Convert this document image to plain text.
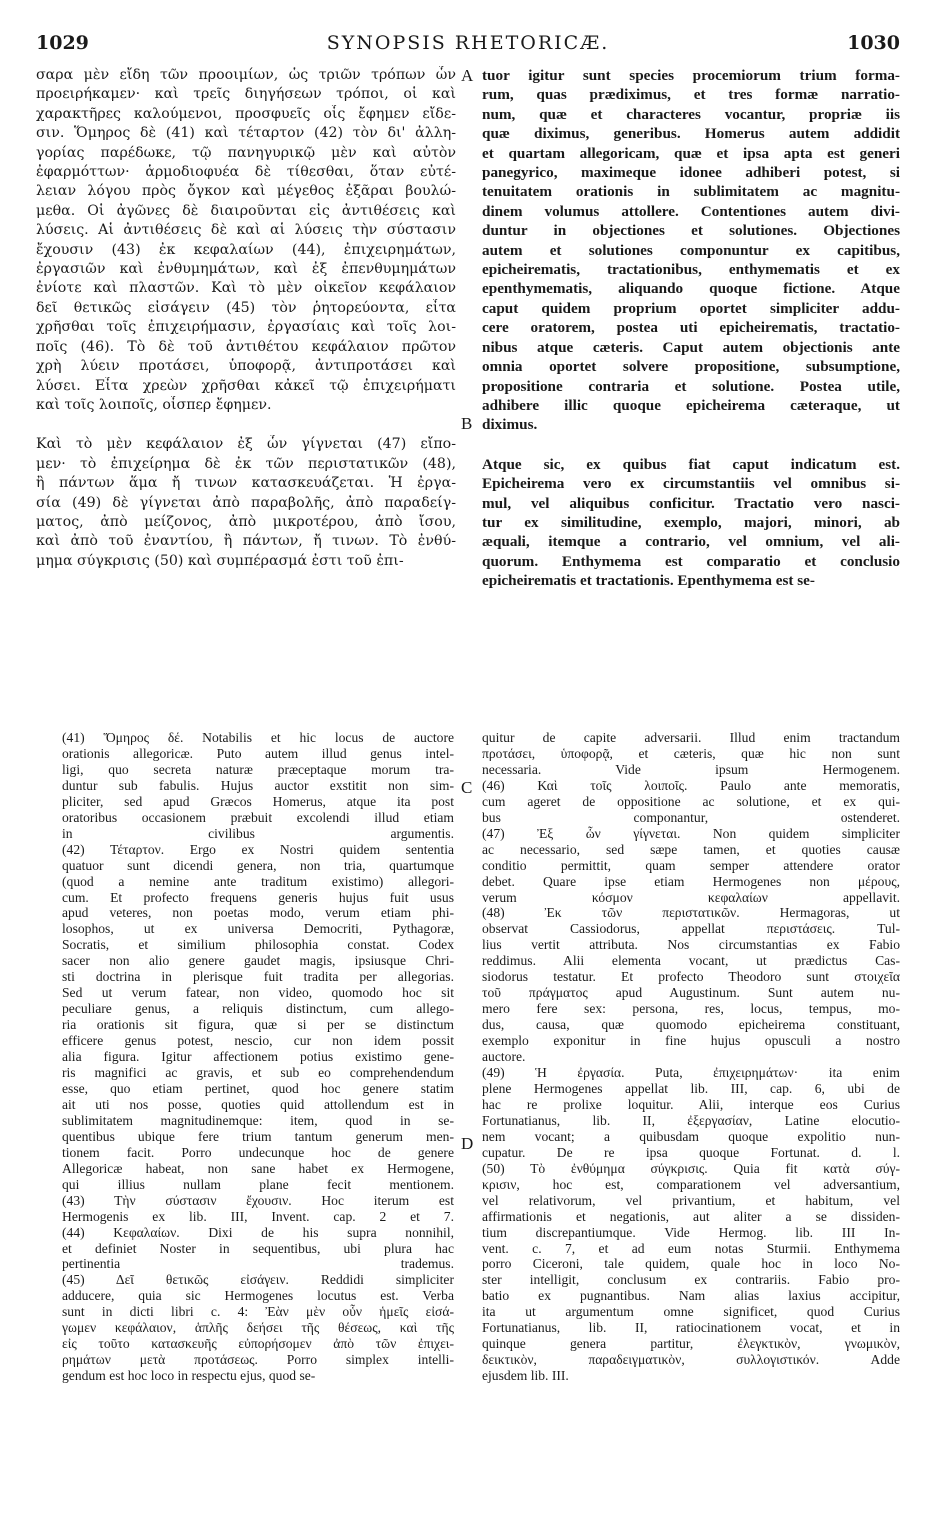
1029	SYNOPSIS RHETORICÆ.	1030
σαρα μὲν εἴδη τῶν προοιμίων, ὡς τριῶν τρόπων ὧν
προειρήκαμεν· καὶ τρεῖς διηγήσεων τρόποι, οἱ καὶ
χαρακτῆρες καλούμενοι, προσφυεῖς οἷς ἔφημεν εἴδε-
σιν. Ὅμηρος δὲ (41) καὶ τέταρτον (42) τὸν δι' ἀλλη-
γορίας παρέδωκε, τῷ πανηγυρικῷ μὲν καὶ αὐτὸν
ἐφαρμόττων· ἁρμοδιοφυέα δὲ τίθεσθαι, ὅταν εὐτέ-
λειαν λόγου πρὸς ὄγκον καὶ μέγεθος ἐξᾶραι βουλώ-
μεθα. Οἱ ἀγῶνες δὲ διαιροῦνται εἰς ἀντιθέσεις καὶ
λύσεις. Αἱ ἀντιθέσεις δὲ καὶ αἱ λύσεις τὴν σύστασιν
ἔχουσιν (43) ἐκ κεφαλαίων (44), ἐπιχειρημάτων,
ἐργασιῶν καὶ ἐνθυμημάτων, καὶ ἐξ ἐπενθυμημάτων
ἐνίοτε καὶ πλαστῶν. Καὶ τὸ μὲν οἰκεῖον κεφάλαιον
δεῖ θετικῶς εἰσάγειν (45) τὸν ῥητορεύοντα, εἶτα
χρῆσθαι τοῖς ἐπιχειρήμασιν, ἐργασίαις καὶ τοῖς λοι-
ποῖς (46). Τὸ δὲ τοῦ ἀντιθέτου κεφάλαιον πρῶτον
χρὴ λύειν προτάσει, ὑποφορᾷ, ἀντιπροτάσει καὶ
λύσει. Εἶτα χρεὼν χρῆσθαι κἀκεῖ τῷ ἐπιχειρήματι
καὶ τοῖς λοιποῖς, οἷσπερ ἔφημεν.
Καὶ τὸ μὲν κεφάλαιον ἐξ ὧν γίγνεται (47) εἴπο-
μεν· τὸ ἐπιχείρημα δὲ ἐκ τῶν περιστατικῶν (48),
ἢ πάντων ἅμα ἤ τινων κατασκευάζεται. Ἡ ἐργα-
σία (49) δὲ γίγνεται ἀπὸ παραβολῆς, ἀπὸ παραδείγ-
ματος, ἀπὸ μείζονος, ἀπὸ μικροτέρου, ἀπὸ ἴσου,
καὶ ἀπὸ τοῦ ἐναντίου, ἢ πάντων, ἤ τινων. Τὸ ἐνθύ-
μημα σύγκρισις (50) καὶ συμπέρασμά ἐστι τοῦ ἐπι-
tuor igitur sunt species procemiorum trium forma-
rum, quas prædiximus, et tres formæ narratio-
num, quæ et characteres vocantur, propriæ iis
quæ diximus, generibus. Homerus autem addidit
et quartam allegoricam, quæ et ipsa apta est generi
panegyrico, maximeque idonee adhiberi potest, si
tenuitatem orationis in sublimitatem ac magnitu-
dinem volumus attollere. Contentiones autem divi-
duntur in objectiones et solutiones. Objectiones
autem et solutiones componuntur ex capitibus,
epicheirematis, tractationibus, enthymematis et ex
epenthymematis, aliquando quoque fictione. Atque
caput quidem proprium oportet simpliciter addu-
cere oratorem, postea uti epicheirematis, tractatio-
nibus atque cæteris. Caput autem objectionis ante
omnia oportet solvere propositione, subsumptione,
propositione contraria et solutione. Postea utile,
adhibere illic quoque epicheirema cæteraque, ut
diximus.
Atque sic, ex quibus fiat caput indicatum est.
Epicheirema vero ex circumstantiis vel omnibus si-
mul, vel aliquibus conficitur. Tractatio vero nasci-
tur ex similitudine, exemplo, majori, minori, ab
æquali, itemque a contrario, vel omnium, vel ali-
quorum. Enthymema est comparatio et conclusio
epicheirematis et tractationis. Epenthymema est se-
A
B
C
D
(41) Ὅμηρος δέ. Notabilis et hic locus de auctore
orationis allegoricæ. Puto autem illud genus intel-
ligi, quo secreta naturæ præceptaque morum tra-
duntur sub fabulis. Hujus auctor exstitit non sim-
pliciter, sed apud Græcos Homerus, atque ita post
oratoribus occasionem præbuit excolendi illud etiam
in civilibus argumentis.
(42) Τέταρτον. Ergo ex Nostri quidem sententia
quatuor sunt dicendi genera, non tria, quartumque
(quod a nemine ante traditum existimo) allegori-
cum. Et profecto frequens generis hujus fuit usus
apud veteres, non poetas modo, verum etiam phi-
losophos, ut ex universa Democriti, Pythagoræ,
Socratis, et similium philosophia constat. Codex
sacer non alio genere gaudet magis, ipsiusque Chri-
sti doctrina in plerisque fuit tradita per allegorias.
Sed ut verum fatear, non video, quomodo hoc sit
peculiare genus, a reliquis distinctum, cum allego-
ria orationis sit figura, quæ si per se distinctum
efficere genus potest, nescio, cur non idem possit
alia figura. Igitur affectionem potius existimo gene-
ris magnifici ac gravis, et sub eo comprehendendum
esse, quo etiam pertinet, quod hoc genere statim
ait uti nos posse, quoties quid attollendum est in
sublimitatem magnitudinemque: item, quod in se-
quentibus ubique fere trium tantum generum men-
tionem facit. Porro undecunque hoc de genere
Allegoricæ habeat, non sane habet ex Hermogene,
qui illius nullam plane fecit mentionem.
(43) Τὴν σύστασιν ἔχουσιν. Hoc iterum est
Hermogenis ex lib. III, Invent. cap. 2 et 7.
(44) Κεφαλαίων. Dixi de his supra nonnihil,
et definiet Noster in sequentibus, ubi plura hac
pertinentia trademus.
(45) Δεῖ θετικῶς εἰσάγειν. Reddidi simpliciter
adducere, quia sic Hermogenes locutus est. Verba
sunt in dicti libri c. 4: Ἐὰν μὲν οὖν ἡμεῖς εἰσά-
γωμεν κεφάλαιον, ἁπλῆς δεήσει τῆς θέσεως, καὶ τῆς
εἰς τοῦτο κατασκευῆς εὐπορήσομεν ἀπὸ τῶν ἐπιχει-
ρημάτων μετὰ προτάσεως. Porro simplex intelli-
gendum est hoc loco in respectu ejus, quod se-
quitur de capite adversarii. Illud enim tractandum
προτάσει, ὑποφορᾷ, et cæteris, quæ hic non sunt
necessaria. Vide ipsum Hermogenem.
(46) Καὶ τοῖς λοιποῖς. Paulo ante memoratis,
cum ageret de oppositione ac solutione, et ex qui-
bus componantur, ostenderet.
(47) Ἐξ ὧν γίγνεται. Non quidem simpliciter
ac necessario, sed sæpe tamen, et quoties causæ
conditio permittit, quam semper attendere orator
debet. Quare ipse etiam Hermogenes non μέρους,
verum κόσμον κεφαλαίων appellavit.
(48) Ἐκ τῶν περιστατικῶν. Hermagoras, ut
observat Cassiodorus, appellat περιστάσεις. Tul-
lius vertit attributa. Nos circumstantias ex Fabio
reddimus. Alii elementa vocant, ut prædictus Cas-
siodorus testatur. Et profecto Theodoro sunt στοιχεῖα
τοῦ πράγματος apud Augustinum. Sunt autem nu-
mero fere sex: persona, res, locus, tempus, mo-
dus, causa, quæ quomodo epicheirema constituant,
exemplo exponitur in fine hujus opusculi a nostro
auctore.
(49) Ἡ ἐργασία. Puta, ἐπιχειρημάτων· ita enim
plene Hermogenes appellat lib. III, cap. 6, ubi de
hac re prolixe loquitur. Alii, interque eos Curius
Fortunatianus, lib. II, ἐξεργασίαν, Latine elocutio-
nem vocant; a quibusdam quoque expolitio nun-
cupatur. De re ipsa quoque Fortunat. d. l.
(50) Τὸ ἐνθύμημα σύγκρισις. Quia fit κατὰ σύγ-
κρισιν, hoc est, comparationem vel adversantium,
vel relativorum, vel privantium, et habitum, vel
affirmationis et negationis, aut aliter a se dissiden-
tium discrepantiumque. Vide Hermog. lib. III In-
vent. c. 7, et ad eum notas Sturmii. Enthymema
porro Ciceroni, tale quidem, quale hoc in loco No-
ster intelligit, conclusum ex contrariis. Fabio pro-
batio ex pugnantibus. Nam alias laxius accipitur,
ita ut argumentum omne significet, quod Curius
Fortunatianus, lib. II, ratiocinationem vocat, et in
quinque genera partitur, ἐλεγκτικὸν, γνωμικὸν,
δεικτικὸν, παραδειγματικὸν, συλλογιστικόν. Adde
ejusdem lib. III.
